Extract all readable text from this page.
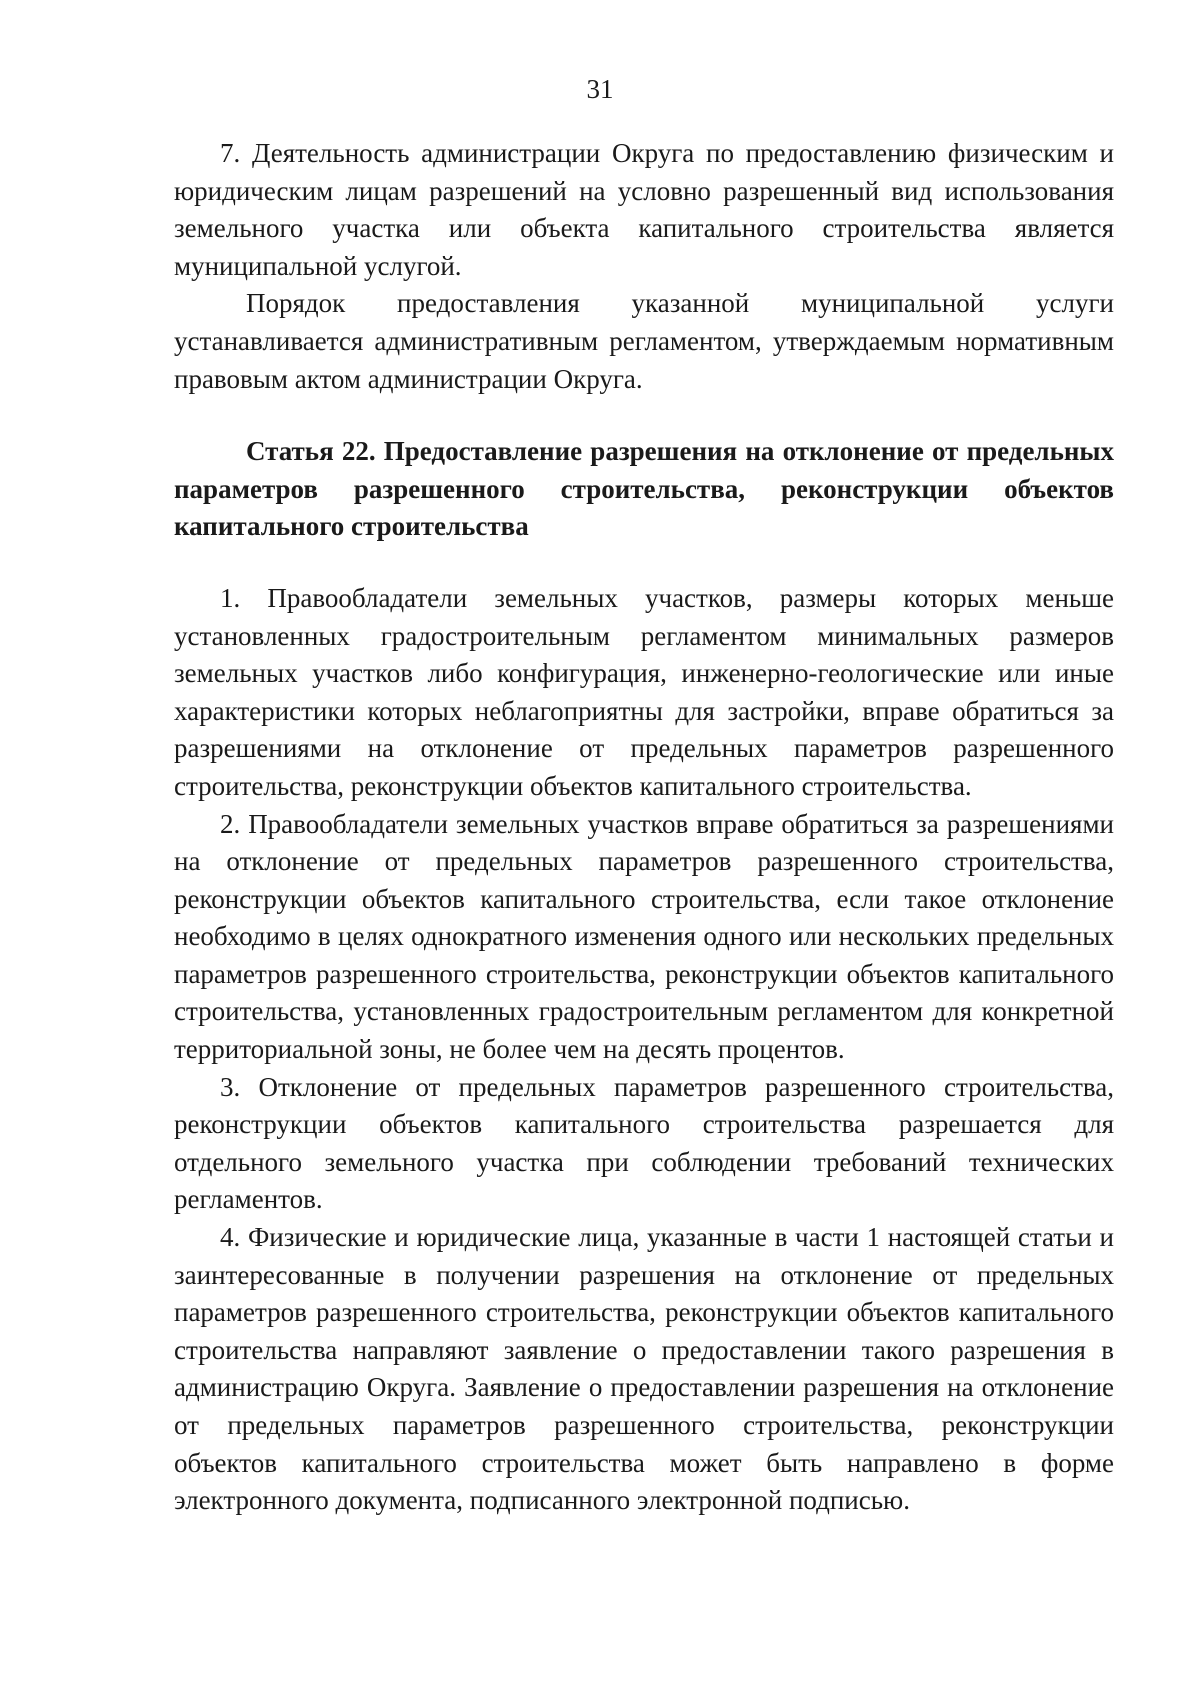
31

7. Деятельность администрации Округа по предоставлению физическим и юридическим лицам разрешений на условно разрешенный вид использования земельного участка или объекта капитального строительства является муниципальной услугой.

Порядок предоставления указанной муниципальной услуги устанавливается административным регламентом, утверждаемым нормативным правовым актом администрации Округа.

Статья 22. Предоставление разрешения на отклонение от предельных параметров разрешенного строительства, реконструкции объектов капитального строительства

1. Правообладатели земельных участков, размеры которых меньше установленных градостроительным регламентом минимальных размеров земельных участков либо конфигурация, инженерно-геологические или иные характеристики которых неблагоприятны для застройки, вправе обратиться за разрешениями на отклонение от предельных параметров разрешенного строительства, реконструкции объектов капитального строительства.

2. Правообладатели земельных участков вправе обратиться за разрешениями на отклонение от предельных параметров разрешенного строительства, реконструкции объектов капитального строительства, если такое отклонение необходимо в целях однократного изменения одного или нескольких предельных параметров разрешенного строительства, реконструкции объектов капитального строительства, установленных градостроительным регламентом для конкретной территориальной зоны, не более чем на десять процентов.

3. Отклонение от предельных параметров разрешенного строительства, реконструкции объектов капитального строительства разрешается для отдельного земельного участка при соблюдении требований технических регламентов.

4. Физические и юридические лица, указанные в части 1 настоящей статьи и заинтересованные в получении разрешения на отклонение от предельных параметров разрешенного строительства, реконструкции объектов капитального строительства направляют заявление о предоставлении такого разрешения в администрацию Округа. Заявление о предоставлении разрешения на отклонение от предельных параметров разрешенного строительства, реконструкции объектов капитального строительства может быть направлено в форме электронного документа, подписанного электронной подписью.
